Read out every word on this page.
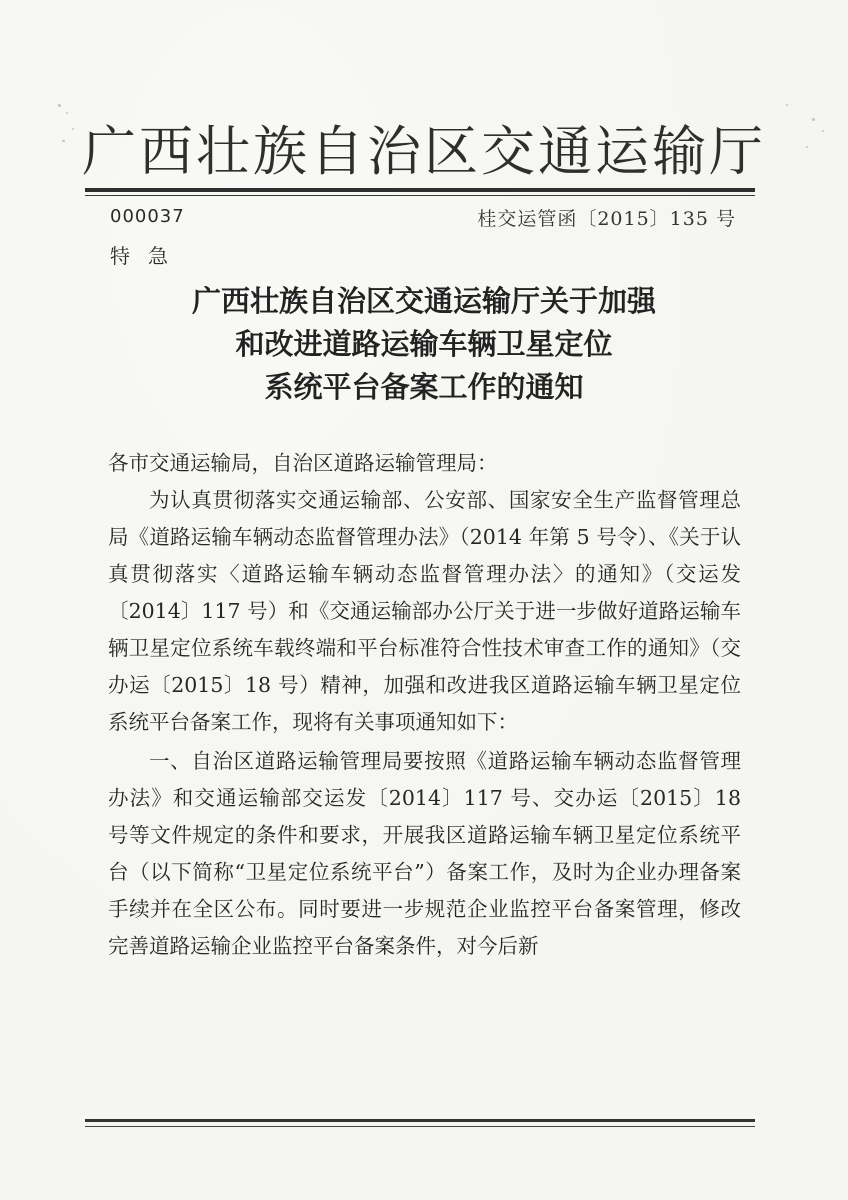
广西壮族自治区交通运输厅
000037
特急
桂交运管函〔2015〕135 号
广西壮族自治区交通运输厅关于加强
和改进道路运输车辆卫星定位
系统平台备案工作的通知

各市交通运输局，自治区道路运输管理局：

为认真贯彻落实交通运输部、公安部、国家安全生产监督管理总局《道路运输车辆动态监督管理办法》（2014 年第 5 号令）、《关于认真贯彻落实〈道路运输车辆动态监督管理办法〉的通知》（交运发〔2014〕117 号）和《交通运输部办公厅关于进一步做好道路运输车辆卫星定位系统车载终端和平台标准符合性技术审查工作的通知》（交办运〔2015〕18 号）精神，加强和改进我区道路运输车辆卫星定位系统平台备案工作，现将有关事项通知如下：

一、自治区道路运输管理局要按照《道路运输车辆动态监督管理办法》和交通运输部交运发〔2014〕117 号、交办运〔2015〕18 号等文件规定的条件和要求，开展我区道路运输车辆卫星定位系统平台（以下简称“卫星定位系统平台”）备案工作，及时为企业办理备案手续并在全区公布。同时要进一步规范企业监控平台备案管理，修改完善道路运输企业监控平台备案条件，对今后新
